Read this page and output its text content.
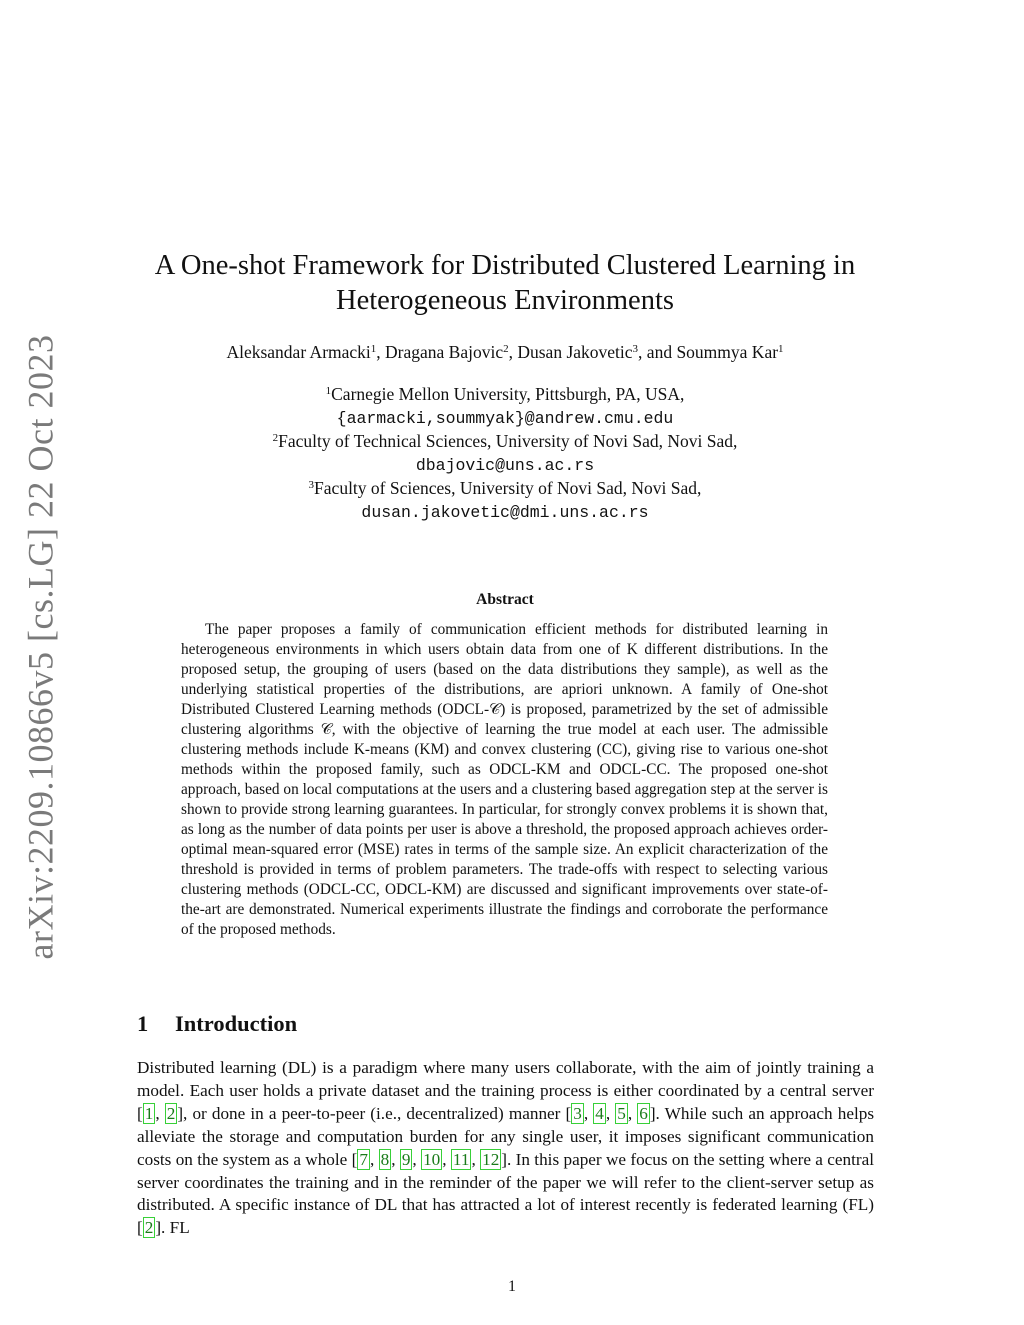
arXiv:2209.10866v5 [cs.LG] 22 Oct 2023
A One-shot Framework for Distributed Clustered Learning in Heterogeneous Environments
Aleksandar Armacki$^1$, Dragana Bajovic$^2$, Dusan Jakovetic$^3$, and Soummya Kar$^1$
$^1$Carnegie Mellon University, Pittsburgh, PA, USA,
{aarmacki,soummyak}@andrew.cmu.edu
$^2$Faculty of Technical Sciences, University of Novi Sad, Novi Sad,
dbajovic@uns.ac.rs
$^3$Faculty of Sciences, University of Novi Sad, Novi Sad,
dusan.jakovetic@dmi.uns.ac.rs
Abstract

The paper proposes a family of communication efficient methods for distributed learning in heterogeneous environments in which users obtain data from one of K different distributions. In the proposed setup, the grouping of users (based on the data distributions they sample), as well as the underlying statistical properties of the distributions, are apriori unknown. A family of One-shot Distributed Clustered Learning methods (ODCL-𝒞) is proposed, parametrized by the set of admissible clustering algorithms 𝒞, with the objective of learning the true model at each user. The admissible clustering methods include K-means (KM) and convex clustering (CC), giving rise to various one-shot methods within the proposed family, such as ODCL-KM and ODCL-CC. The proposed one-shot approach, based on local computations at the users and a clustering based aggregation step at the server is shown to provide strong learning guarantees. In particular, for strongly convex problems it is shown that, as long as the number of data points per user is above a threshold, the proposed approach achieves order-optimal mean-squared error (MSE) rates in terms of the sample size. An explicit characterization of the threshold is provided in terms of problem parameters. The trade-offs with respect to selecting various clustering methods (ODCL-CC, ODCL-KM) are discussed and significant improvements over state-of-the-art are demonstrated. Numerical experiments illustrate the findings and corroborate the performance of the proposed methods.

1 Introduction

Distributed learning (DL) is a paradigm where many users collaborate, with the aim of jointly training a model. Each user holds a private dataset and the training process is either coordinated by a central server [ 1 , 2 ], or done in a peer-to-peer (i.e., decentralized) manner [ 3 , 4 , 5 , 6 ]. While such an approach helps alleviate the storage and computation burden for any single user, it imposes significant communication costs on the system as a whole [ 7 , 8 , 9 , 10 , 11 , 12 ]. In this paper we focus on the setting where a central server coordinates the training and in the reminder of the paper we will refer to the client-server setup as distributed. A specific instance of DL that has attracted a lot of interest recently is federated learning (FL) [ 2 ]. FL

1
